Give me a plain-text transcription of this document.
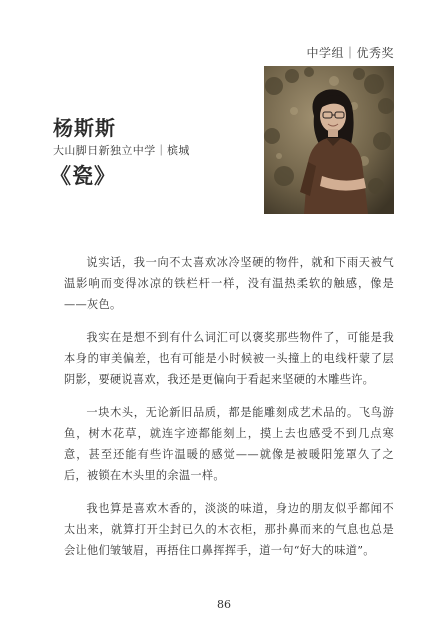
中学组｜优秀奖
杨斯斯
大山脚日新独立中学｜槟城
《瓷》

说实话，我一向不太喜欢冰冷坚硬的物件，就和下雨天被气温影响而变得冰凉的铁栏杆一样，没有温热柔软的触感，像是——灰色。

我实在是想不到有什么词汇可以褒奖那些物件了，可能是我本身的审美偏差，也有可能是小时候被一头撞上的电线杆蒙了层阴影，要硬说喜欢，我还是更偏向于看起来坚硬的木雕些许。

一块木头，无论新旧品质，都是能雕刻成艺术品的。飞鸟游鱼，树木花草，就连字迹都能刻上，摸上去也感受不到几点寒意，甚至还能有些许温暖的感觉——就像是被暖阳笼罩久了之后，被锁在木头里的余温一样。

我也算是喜欢木香的，淡淡的味道，身边的朋友似乎都闻不太出来，就算打开尘封已久的木衣柜，那扑鼻而来的气息也总是会让他们皱皱眉，再捂住口鼻挥挥手，道一句“好大的味道”。

86
